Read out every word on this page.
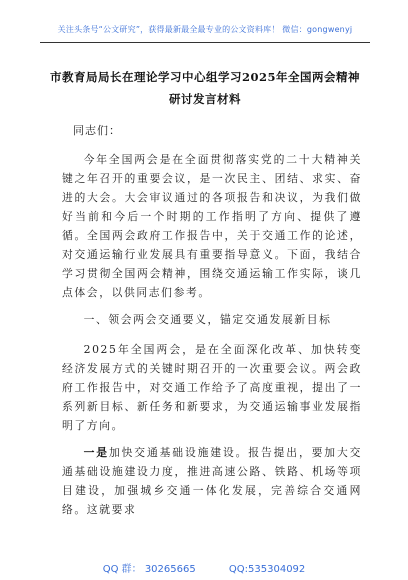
关注头条号“公文研究”，获得最新最全最专业的公文资料库！ 微信：gongwenyj
市教育局局长在理论学习中心组学习2025年全国两会精神
研讨发言材料
同志们：

今年全国两会是在全面贯彻落实党的二十大精神关键之年召开的重要会议，是一次民主、团结、求实、奋进的大会。大会审议通过的各项报告和决议，为我们做好当前和今后一个时期的工作指明了方向、提供了遵循。全国两会政府工作报告中，关于交通工作的论述，对交通运输行业发展具有重要指导意义。下面，我结合学习贯彻全国两会精神，围绕交通运输工作实际，谈几点体会，以供同志们参考。

一、领会两会交通要义，锚定交通发展新目标

2025年全国两会，是在全面深化改革、加快转变经济发展方式的关键时期召开的一次重要会议。两会政府工作报告中，对交通工作给予了高度重视，提出了一系列新目标、新任务和新要求，为交通运输事业发展指明了方向。

一是加快交通基础设施建设。报告提出，要加大交通基础设施建设力度，推进高速公路、铁路、机场等项目建设，加强城乡交通一体化发展，完善综合交通网络。这就要求

QQ 群： 30265665	QQ:535304092
